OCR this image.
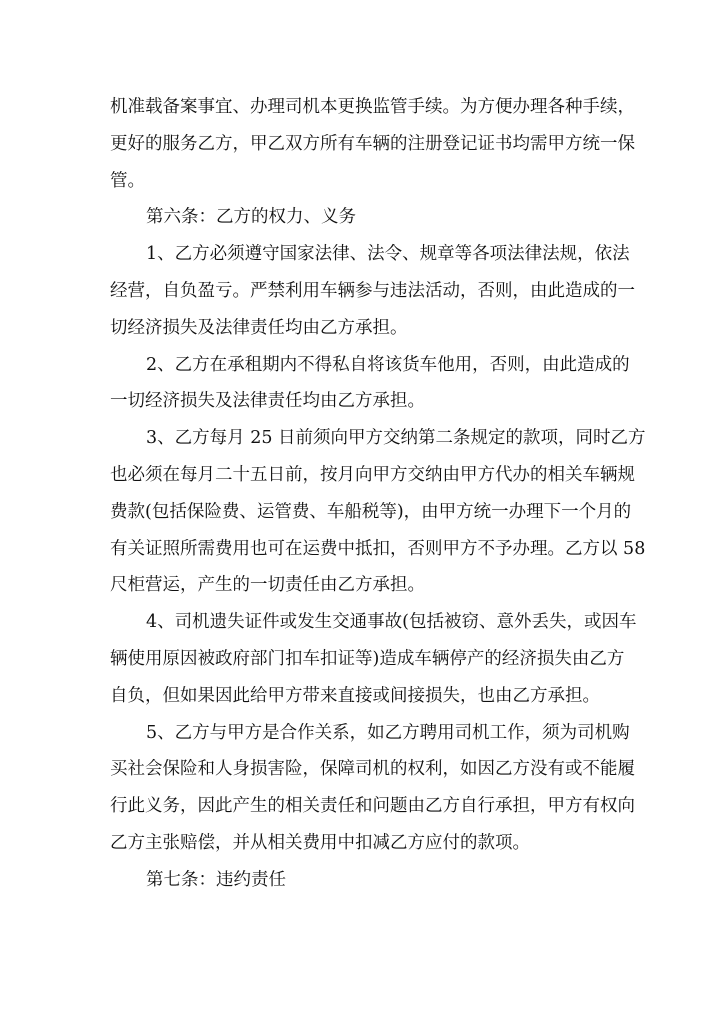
机准载备案事宜、办理司机本更换监管手续。为方便办理各种手续，
更好的服务乙方，甲乙双方所有车辆的注册登记证书均需甲方统一保
管。
第六条：乙方的权力、义务
1、乙方必须遵守国家法律、法令、规章等各项法律法规，依法
经营，自负盈亏。严禁利用车辆参与违法活动，否则，由此造成的一
切经济损失及法律责任均由乙方承担。
2、乙方在承租期内不得私自将该货车他用，否则，由此造成的
一切经济损失及法律责任均由乙方承担。
3、乙方每月 25 日前须向甲方交纳第二条规定的款项，同时乙方
也必须在每月二十五日前，按月向甲方交纳由甲方代办的相关车辆规
费款(包括保险费、运管费、车船税等)，由甲方统一办理下一个月的
有关证照所需费用也可在运费中抵扣，否则甲方不予办理。乙方以 58
尺柜营运，产生的一切责任由乙方承担。
4、司机遗失证件或发生交通事故(包括被窃、意外丢失，或因车
辆使用原因被政府部门扣车扣证等)造成车辆停产的经济损失由乙方
自负，但如果因此给甲方带来直接或间接损失，也由乙方承担。
5、乙方与甲方是合作关系，如乙方聘用司机工作，须为司机购
买社会保险和人身损害险，保障司机的权利，如因乙方没有或不能履
行此义务，因此产生的相关责任和问题由乙方自行承担，甲方有权向
乙方主张赔偿，并从相关费用中扣减乙方应付的款项。
第七条：违约责任
